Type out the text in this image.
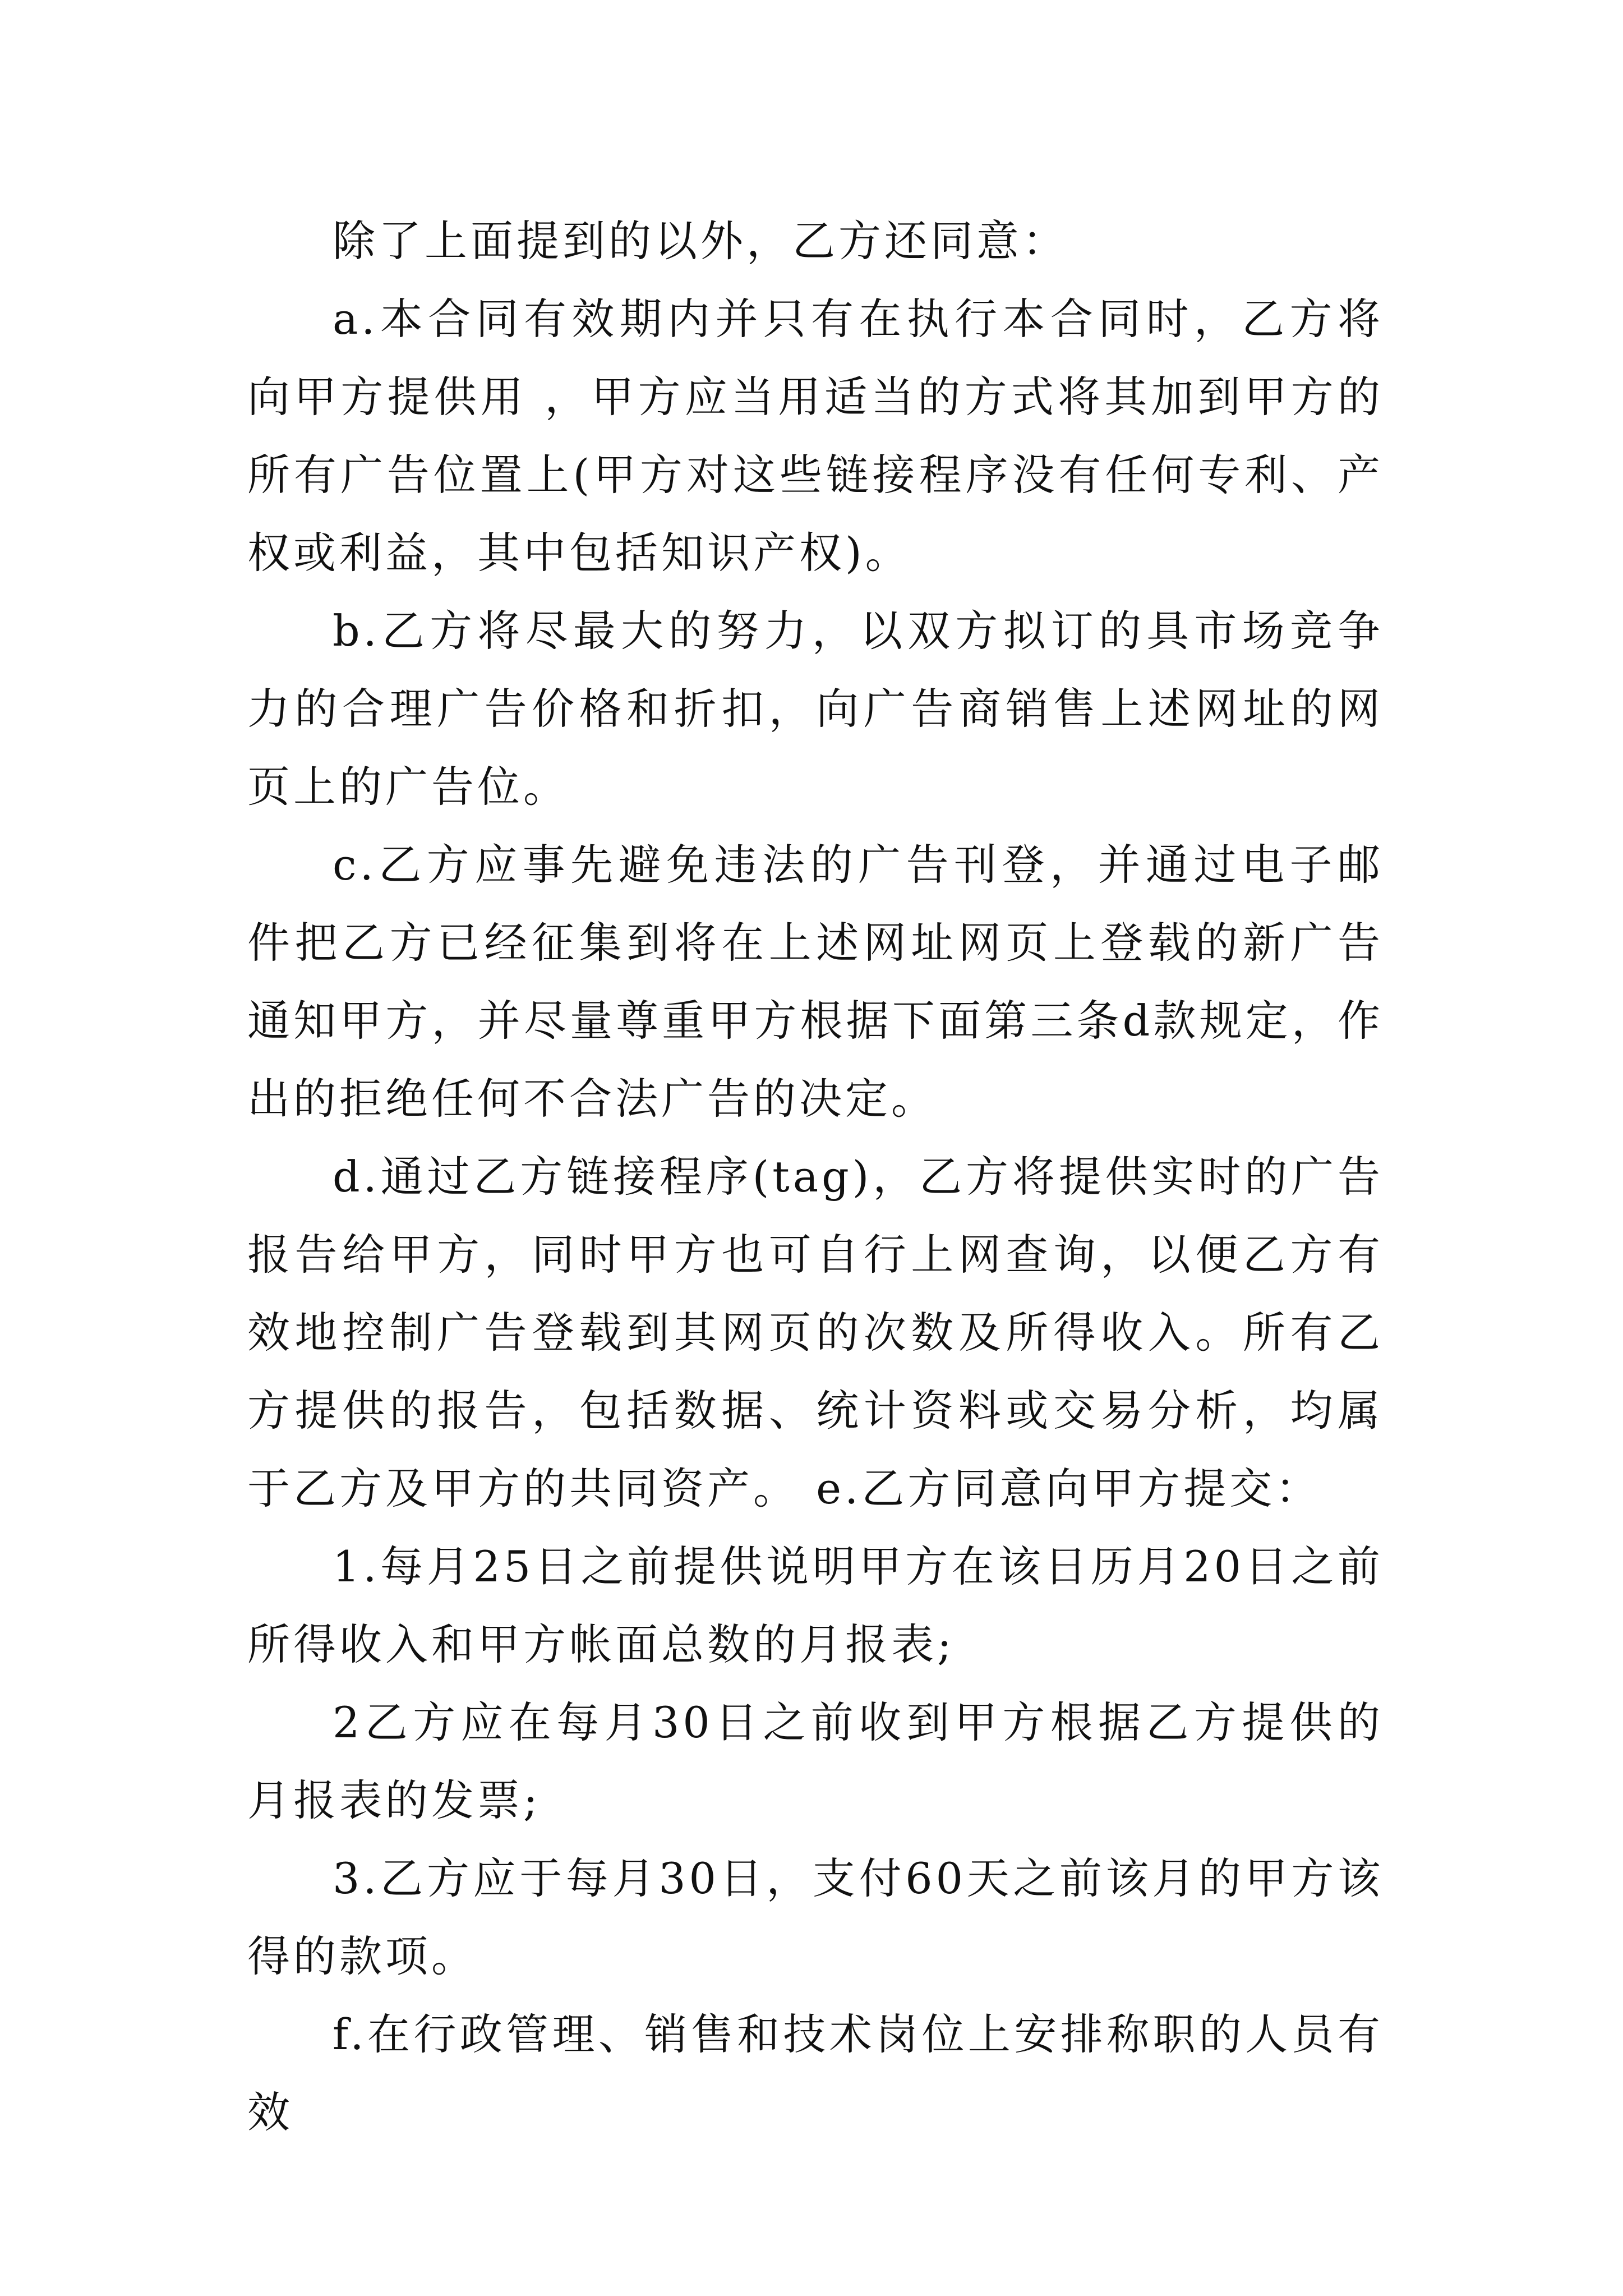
除了上面提到的以外，乙方还同意：

a.本合同有效期内并只有在执行本合同时，乙方将向甲方提供用 ，甲方应当用适当的方式将其加到甲方的所有广告位置上(甲方对这些链接程序没有任何专利、产权或利益，其中包括知识产权)。

b.乙方将尽最大的努力，以双方拟订的具市场竞争力的合理广告价格和折扣，向广告商销售上述网址的网页上的广告位。

c.乙方应事先避免违法的广告刊登，并通过电子邮件把乙方已经征集到将在上述网址网页上登载的新广告通知甲方，并尽量尊重甲方根据下面第三条d款规定，作出的拒绝任何不合法广告的决定。

d.通过乙方链接程序(tag)，乙方将提供实时的广告报告给甲方，同时甲方也可自行上网查询，以便乙方有效地控制广告登载到其网页的次数及所得收入。所有乙方提供的报告，包括数据、统计资料或交易分析，均属于乙方及甲方的共同资产。 e.乙方同意向甲方提交：

1.每月25日之前提供说明甲方在该日历月20日之前所得收入和甲方帐面总数的月报表;

2乙方应在每月30日之前收到甲方根据乙方提供的月报表的发票;

3.乙方应于每月30日，支付60天之前该月的甲方该得的款项。

f.在行政管理、销售和技术岗位上安排称职的人员有效
